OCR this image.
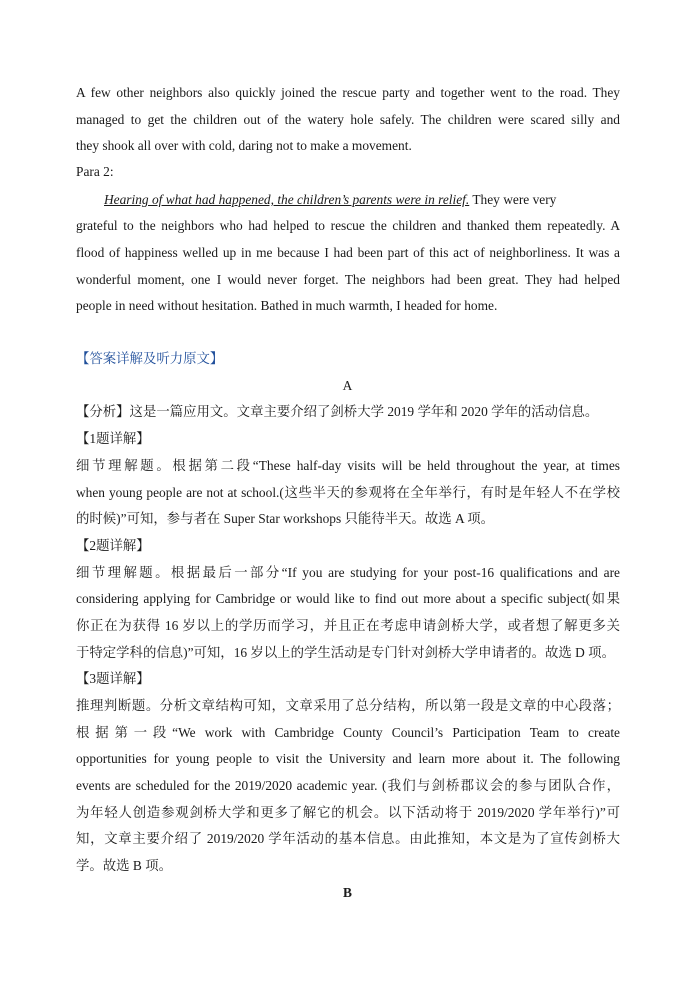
A few other neighbors also quickly joined the rescue party and together went to the road. They
managed to get the children out of the watery hole safely. The children were scared silly and
they shook all over with cold, daring not to make a movement.
Para 2:
Hearing of what had happened, the children’s parents were in relief. They were very
grateful to the neighbors who had helped to rescue the children and thanked them repeatedly. A
flood of happiness welled up in me because I had been part of this act of neighborliness. It was a
wonderful moment, one I would never forget. The neighbors had been great. They had helped
people in need without hesitation. Bathed in much warmth, I headed for home.
【答案详解及听力原文】
A
【分析】这是一篇应用文。文章主要介绍了剑桥大学 2019 学年和 2020 学年的活动信息。
【1题详解】
细节理解题。根据第二段“These half-day visits will be held throughout the year, at times
when young people are not at school.(这些半天的参观将在全年举行，有时是年轻人不在学校
的时候)”可知，参与者在 Super Star workshops 只能待半天。故选 A 项。
【2题详解】
细节理解题。根据最后一部分“If you are studying for your post-16 qualifications and are
considering applying for Cambridge or would like to find out more about a specific subject(如果
你正在为获得 16 岁以上的学历而学习，并且正在考虑申请剑桥大学，或者想了解更多关
于特定学科的信息)”可知，16 岁以上的学生活动是专门针对剑桥大学申请者的。故选 D 项。
【3题详解】
推理判断题。分析文章结构可知，文章采用了总分结构，所以第一段是文章的中心段落；
根据第一段“We work with Cambridge County Council’s Participation Team to create
opportunities for young people to visit the University and learn more about it. The following
events are scheduled for the 2019/2020 academic year. (我们与剑桥郡议会的参与团队合作，
为年轻人创造参观剑桥大学和更多了解它的机会。以下活动将于 2019/2020 学年举行)”可
知，文章主要介绍了 2019/2020 学年活动的基本信息。由此推知，本文是为了宣传剑桥大
学。故选 B 项。
B
